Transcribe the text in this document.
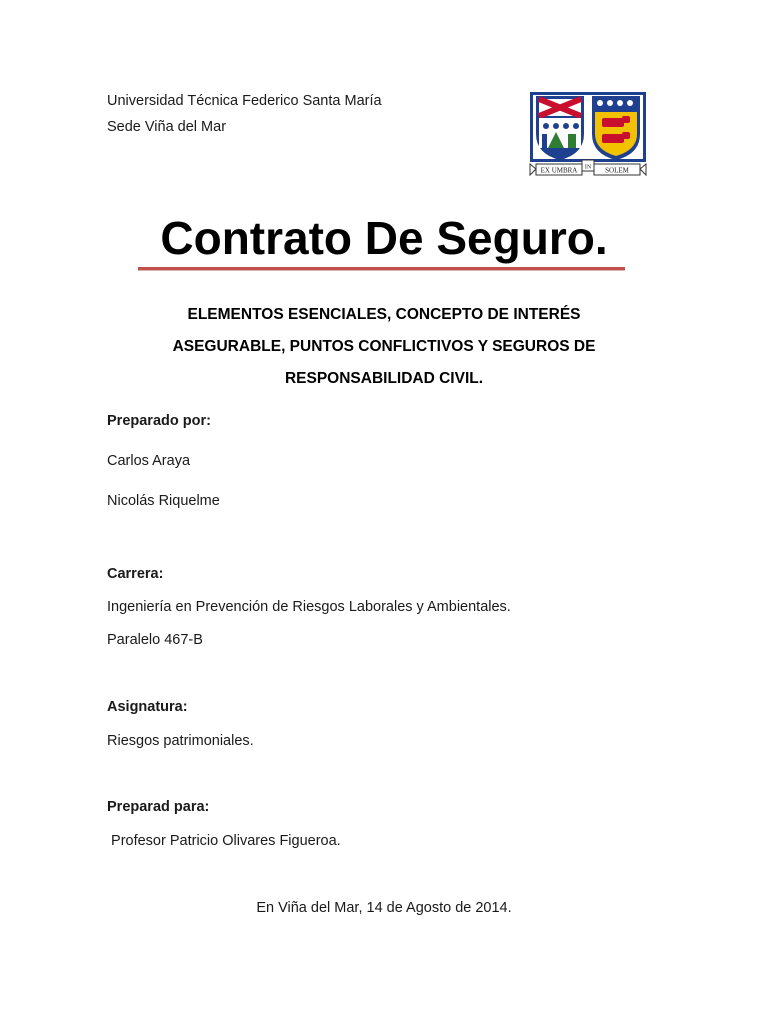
Universidad Técnica Federico Santa María
Sede Viña del Mar
EX UMBRA IN SOLEM
Contrato De Seguro.
ELEMENTOS ESENCIALES, CONCEPTO DE INTERÉS
ASEGURABLE, PUNTOS CONFLICTIVOS Y SEGUROS DE
RESPONSABILIDAD CIVIL.
Preparado por:
Carlos Araya
Nicolás Riquelme
Carrera:
Ingeniería en Prevención de Riesgos Laborales y Ambientales.
Paralelo 467-B
Asignatura:
Riesgos patrimoniales.
Preparad para:
Profesor Patricio Olivares Figueroa.
En Viña del Mar, 14 de Agosto de 2014.
